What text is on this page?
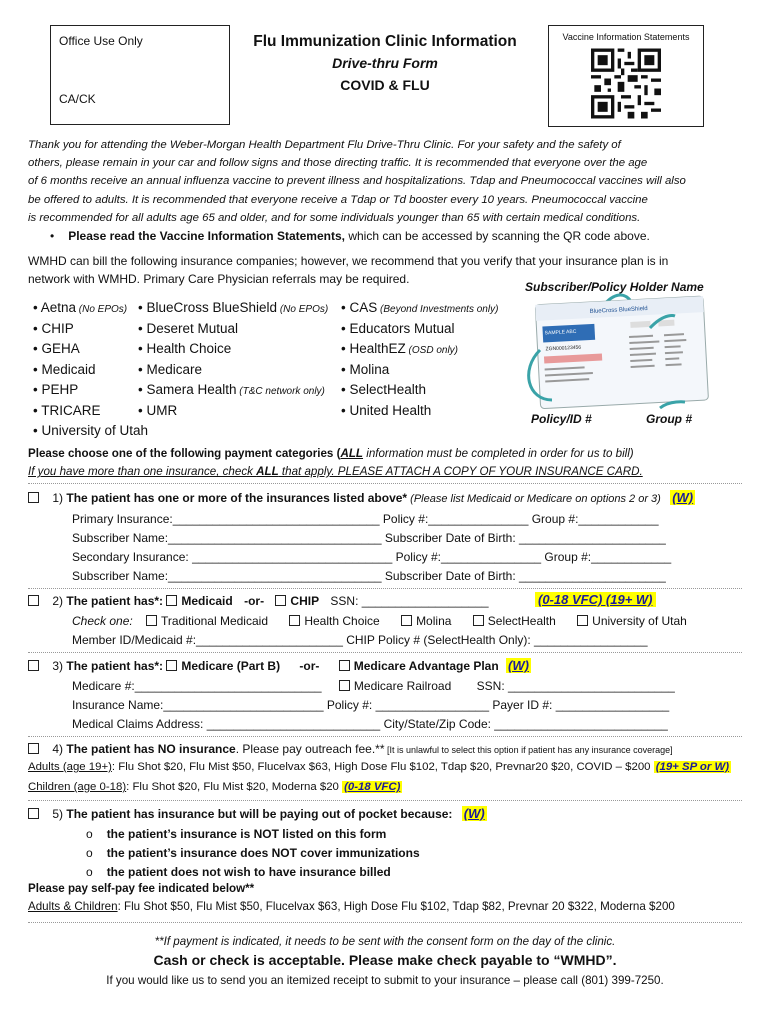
Office Use Only
CA/CK
Flu Immunization Clinic Information
Drive-thru Form
COVID & FLU
Vaccine Information Statements
Thank you for attending the Weber-Morgan Health Department Flu Drive-Thru Clinic. For your safety and the safety of
others, please remain in your car and follow signs and those directing traffic. It is recommended that everyone over the age
of 6 months receive an annual influenza vaccine to prevent illness and hospitalizations. Tdap and Pneumococcal vaccines will also
be offered to adults. It is recommended that everyone receive a Tdap or Td booster every 10 years. Pneumococcal vaccine
is recommended for all adults age 65 and older, and for some individuals younger than 65 with certain medical conditions.
• Please read the Vaccine Information Statements, which can be accessed by scanning the QR code above.
WMHD can bill the following insurance companies; however, we recommend that you verify that your insurance plan is in
network with WMHD. Primary Care Physician referrals may be required.
Subscriber/Policy Holder Name
BlueCross BlueShield
SAMPLE ABC
ZGN000123456
Policy/ID #	Group #
• Aetna (No EPOs)
• CHIP
• GEHA
• Medicaid
• PEHP
• TRICARE
• University of Utah
• BlueCross BlueShield (No EPOs)
• Deseret Mutual
• Health Choice
• Medicare
• Samera Health (T&C network only)
• UMR
• CAS (Beyond Investments only)
• Educators Mutual
• HealthEZ (OSD only)
• Molina
• SelectHealth
• United Health
Please choose one of the following payment categories (ALL information must be completed in order for us to bill)
If you have more than one insurance, check ALL that apply. PLEASE ATTACH A COPY OF YOUR INSURANCE CARD.
1) The patient has one or more of the insurances listed above* (Please list Medicaid or Medicare on options 2 or 3) (W)
Primary Insurance:_______________________________ Policy #:_______________ Group #:____________
Subscriber Name:________________________________ Subscriber Date of Birth: ______________________
Secondary Insurance: ______________________________ Policy #:_______________ Group #:____________
Subscriber Name:________________________________ Subscriber Date of Birth: ______________________
2) The patient has*: Medicaid -or- CHIP SSN: ___________________	(0-18 VFC) (19+ W)
Check one: Traditional Medicaid	Health Choice	Molina	SelectHealth	University of Utah
Member ID/Medicaid #:______________________ CHIP Policy # (SelectHealth Only): _________________
3) The patient has*: Medicare (Part B) -or-	Medicare Advantage Plan (W)
Medicare #:____________________________	Medicare Railroad SSN: _________________________
Insurance Name:________________________ Policy #: _________________ Payer ID #: _________________
Medical Claims Address: __________________________ City/State/Zip Code: __________________________
4) The patient has NO insurance. Please pay outreach fee.** [It is unlawful to select this option if patient has any insurance coverage]
Adults (age 19+): Flu Shot $20, Flu Mist $50, Flucelvax $63, High Dose Flu $102, Tdap $20, Prevnar20 $20, COVID – $200 (19+ SP or W)
Children (age 0-18): Flu Shot $20, Flu Mist $20, Moderna $20 (0-18 VFC)
5) The patient has insurance but will be paying out of pocket because: (W)
o the patient’s insurance is NOT listed on this form
o the patient’s insurance does NOT cover immunizations
o the patient does not wish to have insurance billed
Please pay self-pay fee indicated below**
Adults & Children: Flu Shot $50, Flu Mist $50, Flucelvax $63, High Dose Flu $102, Tdap $82, Prevnar 20 $322, Moderna $200
**If payment is indicated, it needs to be sent with the consent form on the day of the clinic.
Cash or check is acceptable. Please make check payable to “WMHD”.
If you would like us to send you an itemized receipt to submit to your insurance – please call (801) 399-7250.
